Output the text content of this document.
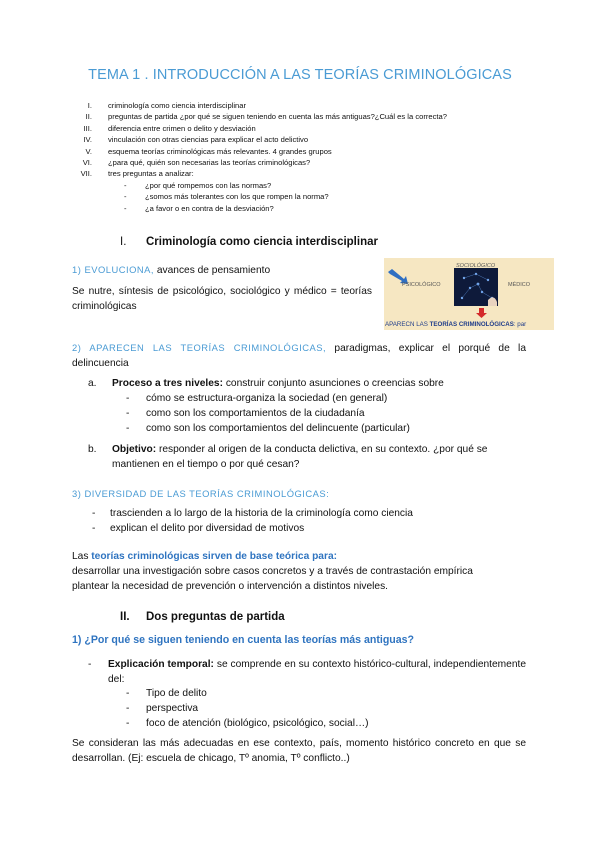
TEMA 1 . INTRODUCCIÓN A LAS TEORÍAS CRIMINOLÓGICAS
I.	criminología como ciencia interdisciplinar
II.	preguntas de partida ¿por qué se siguen teniendo en cuenta las más antiguas?¿Cuál es la correcta?
III.	diferencia entre crimen o delito y desviación
IV.	vinculación con otras ciencias para explicar el acto delictivo
V.	esquema teorías criminológicas más relevantes. 4 grandes grupos
VI.	¿para qué, quién son necesarias las teorías criminológicas?
VII.	tres preguntas a analizar:
-	¿por qué rompemos con las normas?
-	¿somos más tolerantes con los que rompen la norma?
-	¿a favor o en contra de la desviación?
I. Criminología como ciencia interdisciplinar
1) EVOLUCIONA, avances de pensamiento
Se nutre, síntesis de psicológico, sociológico y médico = teorías criminológicas
SOCIOLÓGICO
PSICOLÓGICO	MÉDICO
APARECN LAS TEORÍAS CRIMINOLÓGICAS: par
2) APARECEN LAS TEORÍAS CRIMINOLÓGICAS, paradigmas, explicar el porqué de la delincuencia
a.	Proceso a tres niveles: construir conjunto asunciones o creencias sobre
-	cómo se estructura-organiza la sociedad (en general)
-	como son los comportamientos de la ciudadanía
-	como son los comportamientos del delincuente (particular)
b.	Objetivo: responder al origen de la conducta delictiva, en su contexto. ¿por qué se mantienen en el tiempo o por qué cesan?
3) DIVERSIDAD DE LAS TEORÍAS CRIMINOLÓGICAS:
-	trascienden a lo largo de la historia de la criminología como ciencia
-	explican el delito por diversidad de motivos
Las teorías criminológicas sirven de base teórica para:
desarrollar una investigación sobre casos concretos y a través de contrastación empírica
plantear la necesidad de prevención o intervención a distintos niveles.
II. Dos preguntas de partida
1) ¿Por qué se siguen teniendo en cuenta las teorías más antiguas?
-	Explicación temporal: se comprende en su contexto histórico-cultural, independientemente del:
-	Tipo de delito
-	perspectiva
-	foco de atención (biológico, psicológico, social…)
Se consideran las más adecuadas en ese contexto, país, momento histórico concreto en que se desarrollan. (Ej: escuela de chicago, Tº anomia, Tº conflicto..)
